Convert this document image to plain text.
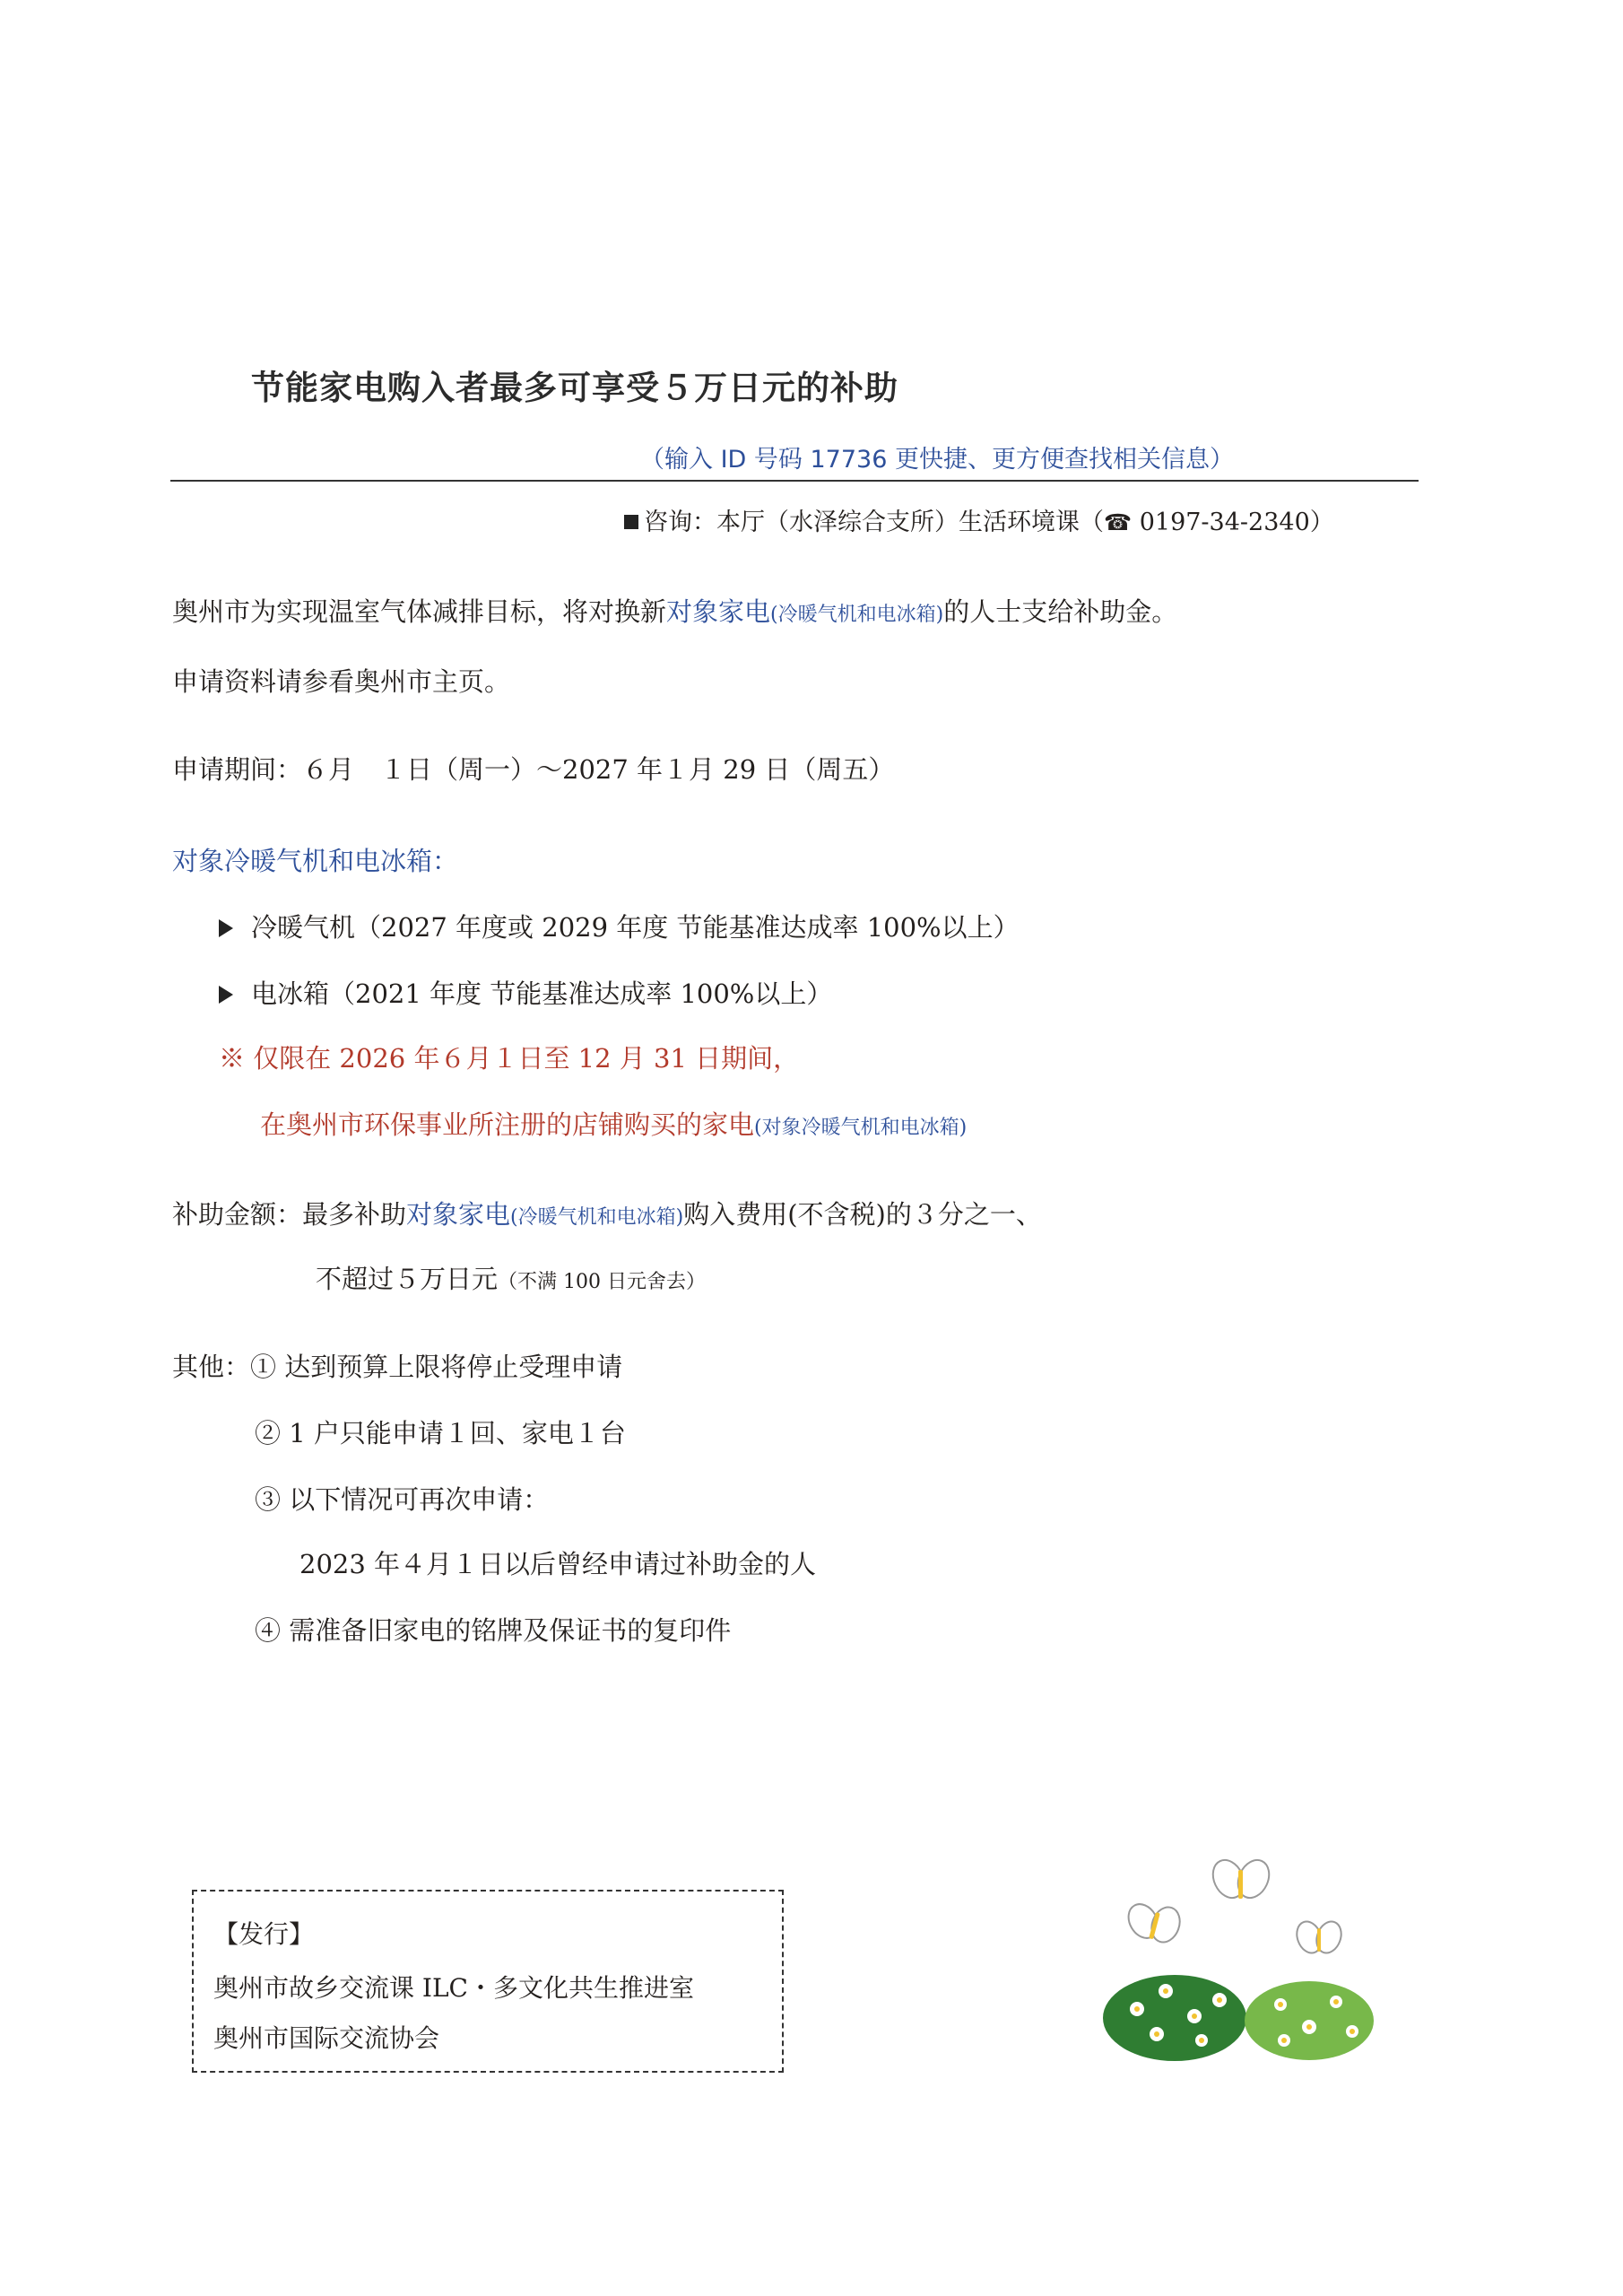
节能家电购入者最多可享受５万日元的补助
（输入 ID 号码 17736 更快捷、更方便查找相关信息）
咨询：本厅（水泽综合支所）生活环境课（☎ 0197-34-2340）
奥州市为实现温室气体减排目标，将对换新对象家电(冷暖气机和电冰箱)的人士支给补助金。
申请资料请参看奥州市主页。
申请期间：６月　１日（周一）～2027 年１月 29 日（周五）
对象冷暖气机和电冰箱：
冷暖气机（2027 年度或 2029 年度 节能基准达成率 100%以上）
电冰箱（2021 年度 节能基准达成率 100%以上）
※ 仅限在 2026 年６月１日至 12 月 31 日期间，
在奥州市环保事业所注册的店铺购买的家电(对象冷暖气机和电冰箱)
补助金额：最多补助对象家电(冷暖气机和电冰箱)购入费用(不含税)的３分之一、
不超过５万日元（不满 100 日元舍去）
其他：① 达到预算上限将停止受理申请
② 1 户只能申请１回、家电１台
③ 以下情况可再次申请：
2023 年４月１日以后曾经申请过补助金的人
④ 需准备旧家电的铭牌及保证书的复印件
【发行】
奥州市故乡交流课 ILC・多文化共生推进室
奥州市国际交流协会
